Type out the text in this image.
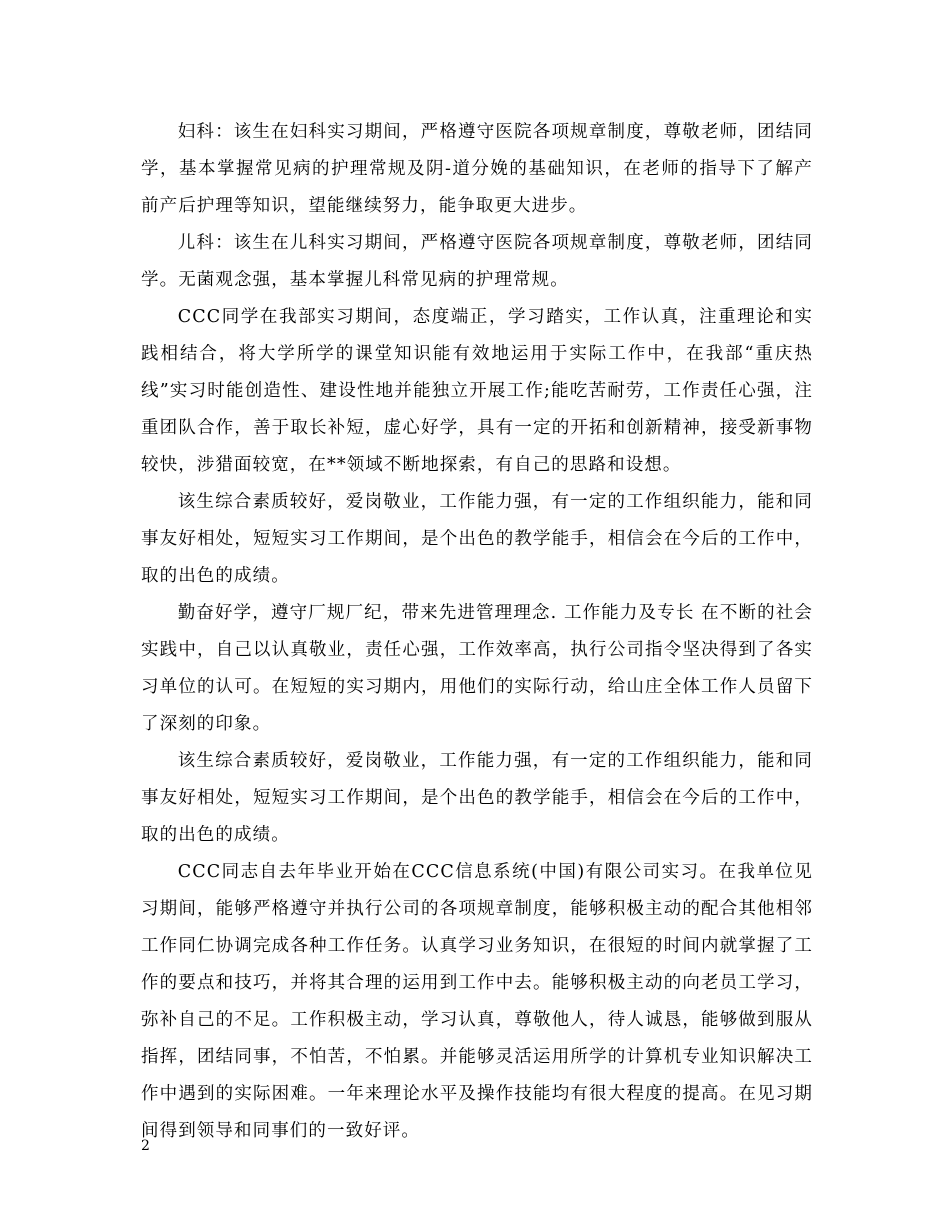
妇科：该生在妇科实习期间，严格遵守医院各项规章制度，尊敬老师，团结同学，基本掌握常见病的护理常规及阴-道分娩的基础知识，在老师的指导下了解产前产后护理等知识，望能继续努力，能争取更大进步。

儿科：该生在儿科实习期间，严格遵守医院各项规章制度，尊敬老师，团结同学。无菌观念强，基本掌握儿科常见病的护理常规。

CCC同学在我部实习期间，态度端正，学习踏实，工作认真，注重理论和实践相结合，将大学所学的课堂知识能有效地运用于实际工作中，在我部“重庆热线”实习时能创造性、建设性地并能独立开展工作;能吃苦耐劳，工作责任心强，注重团队合作，善于取长补短，虚心好学，具有一定的开拓和创新精神，接受新事物较快，涉猎面较宽，在**领域不断地探索，有自己的思路和设想。

该生综合素质较好，爱岗敬业，工作能力强，有一定的工作组织能力，能和同事友好相处，短短实习工作期间，是个出色的教学能手，相信会在今后的工作中，取的出色的成绩。

勤奋好学，遵守厂规厂纪，带来先进管理理念. 工作能力及专长 在不断的社会实践中，自己以认真敬业，责任心强，工作效率高，执行公司指令坚决得到了各实习单位的认可。在短短的实习期内，用他们的实际行动，给山庄全体工作人员留下了深刻的印象。

该生综合素质较好，爱岗敬业，工作能力强，有一定的工作组织能力，能和同事友好相处，短短实习工作期间，是个出色的教学能手，相信会在今后的工作中，取的出色的成绩。

CCC同志自去年毕业开始在CCC信息系统(中国)有限公司实习。在我单位见习期间，能够严格遵守并执行公司的各项规章制度，能够积极主动的配合其他相邻工作同仁协调完成各种工作任务。认真学习业务知识，在很短的时间内就掌握了工作的要点和技巧，并将其合理的运用到工作中去。能够积极主动的向老员工学习，弥补自己的不足。工作积极主动，学习认真，尊敬他人，待人诚恳，能够做到服从指挥，团结同事，不怕苦，不怕累。并能够灵活运用所学的计算机专业知识解决工作中遇到的实际困难。一年来理论水平及操作技能均有很大程度的提高。在见习期间得到领导和同事们的一致好评。

2
